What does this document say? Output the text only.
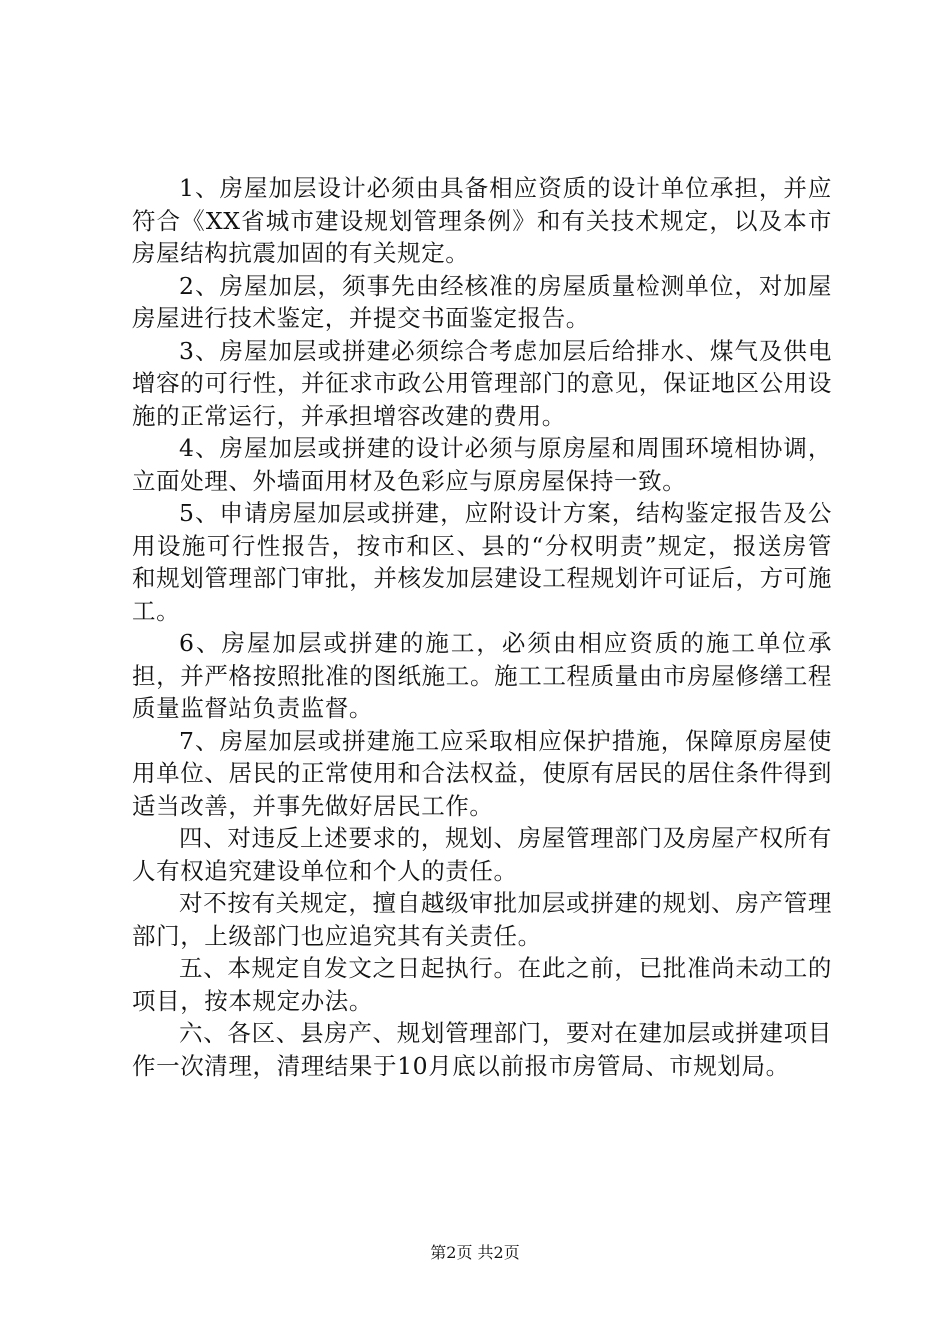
1、房屋加层设计必须由具备相应资质的设计单位承担，并应符合《XX省城市建设规划管理条例》和有关技术规定，以及本市房屋结构抗震加固的有关规定。

2、房屋加层，须事先由经核准的房屋质量检测单位，对加屋房屋进行技术鉴定，并提交书面鉴定报告。

3、房屋加层或拼建必须综合考虑加层后给排水、煤气及供电增容的可行性，并征求市政公用管理部门的意见，保证地区公用设施的正常运行，并承担增容改建的费用。

4、房屋加层或拼建的设计必须与原房屋和周围环境相协调，立面处理、外墙面用材及色彩应与原房屋保持一致。

5、申请房屋加层或拼建，应附设计方案，结构鉴定报告及公用设施可行性报告，按市和区、县的“分权明责”规定，报送房管和规划管理部门审批，并核发加层建设工程规划许可证后，方可施工。

6、房屋加层或拼建的施工，必须由相应资质的施工单位承担，并严格按照批准的图纸施工。施工工程质量由市房屋修缮工程质量监督站负责监督。

7、房屋加层或拼建施工应采取相应保护措施，保障原房屋使用单位、居民的正常使用和合法权益，使原有居民的居住条件得到适当改善，并事先做好居民工作。

四、对违反上述要求的，规划、房屋管理部门及房屋产权所有人有权追究建设单位和个人的责任。

对不按有关规定，擅自越级审批加层或拼建的规划、房产管理部门，上级部门也应追究其有关责任。

五、本规定自发文之日起执行。在此之前，已批准尚未动工的项目，按本规定办法。

六、各区、县房产、规划管理部门，要对在建加层或拼建项目作一次清理，清理结果于10月底以前报市房管局、市规划局。

第2页 共2页
